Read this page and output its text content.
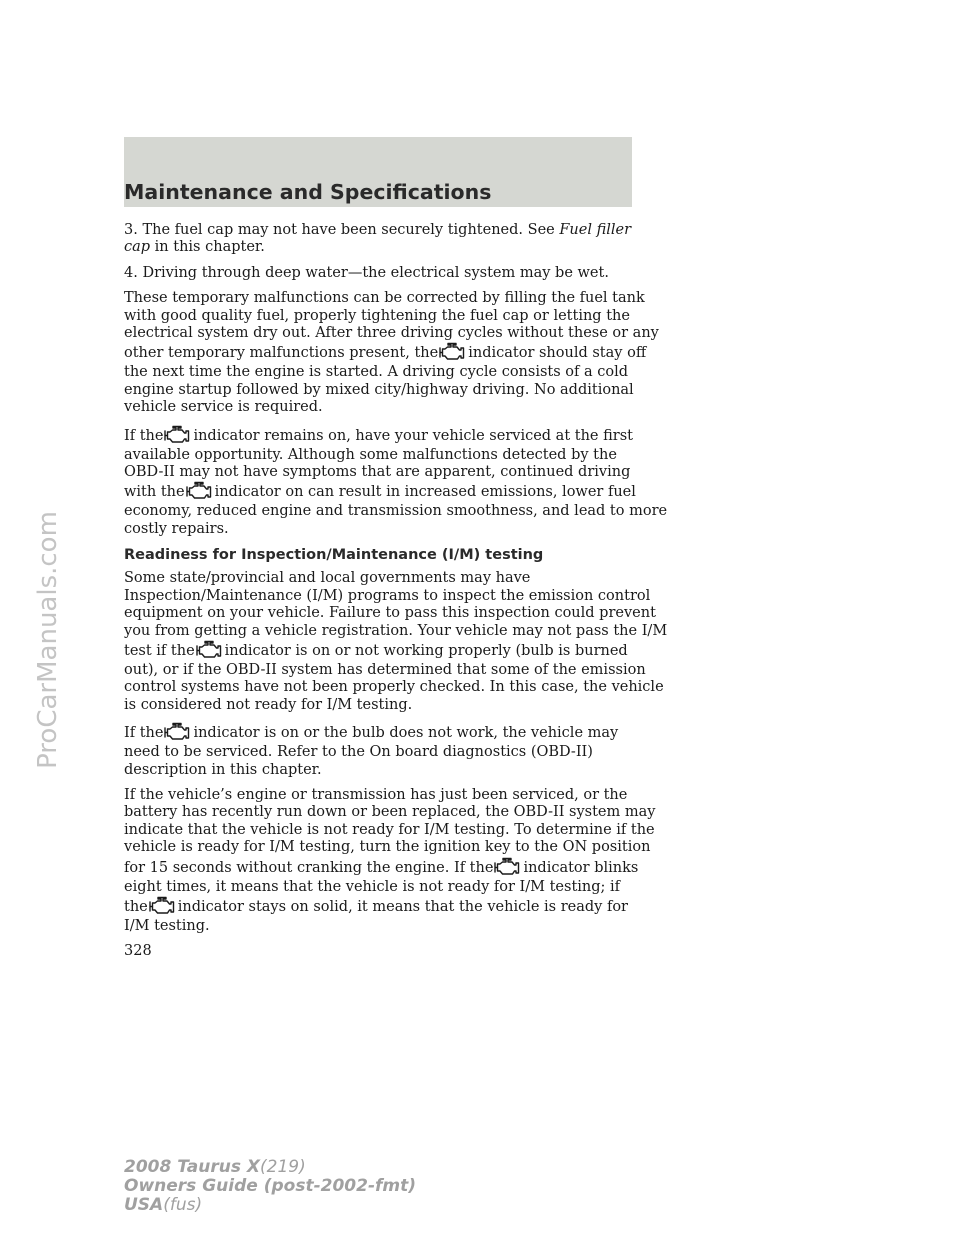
Maintenance and Specifications

3. The fuel cap may not have been securely tightened. See Fuel filler
cap in this chapter.

4. Driving through deep water—the electrical system may be wet.

These temporary malfunctions can be corrected by filling the fuel tank
with good quality fuel, properly tightening the fuel cap or letting the
electrical system dry out. After three driving cycles without these or any
other temporary malfunctions present, the indicator should stay off
the next time the engine is started. A driving cycle consists of a cold
engine startup followed by mixed city/highway driving. No additional
vehicle service is required.

If the indicator remains on, have your vehicle serviced at the first
available opportunity. Although some malfunctions detected by the
OBD-II may not have symptoms that are apparent, continued driving
with the indicator on can result in increased emissions, lower fuel
economy, reduced engine and transmission smoothness, and lead to more
costly repairs.

Readiness for Inspection/Maintenance (I/M) testing

Some state/provincial and local governments may have
Inspection/Maintenance (I/M) programs to inspect the emission control
equipment on your vehicle. Failure to pass this inspection could prevent
you from getting a vehicle registration. Your vehicle may not pass the I/M
test if the indicator is on or not working properly (bulb is burned
out), or if the OBD-II system has determined that some of the emission
control systems have not been properly checked. In this case, the vehicle
is considered not ready for I/M testing.

If the indicator is on or the bulb does not work, the vehicle may
need to be serviced. Refer to the On board diagnostics (OBD-II)
description in this chapter.

If the vehicle’s engine or transmission has just been serviced, or the
battery has recently run down or been replaced, the OBD-II system may
indicate that the vehicle is not ready for I/M testing. To determine if the
vehicle is ready for I/M testing, turn the ignition key to the ON position
for 15 seconds without cranking the engine. If the indicator blinks
eight times, it means that the vehicle is not ready for I/M testing; if
the indicator stays on solid, it means that the vehicle is ready for
I/M testing.

328
2008 Taurus X(219)
Owners Guide (post-2002-fmt)
USA(fus)
ProCarManuals.com
